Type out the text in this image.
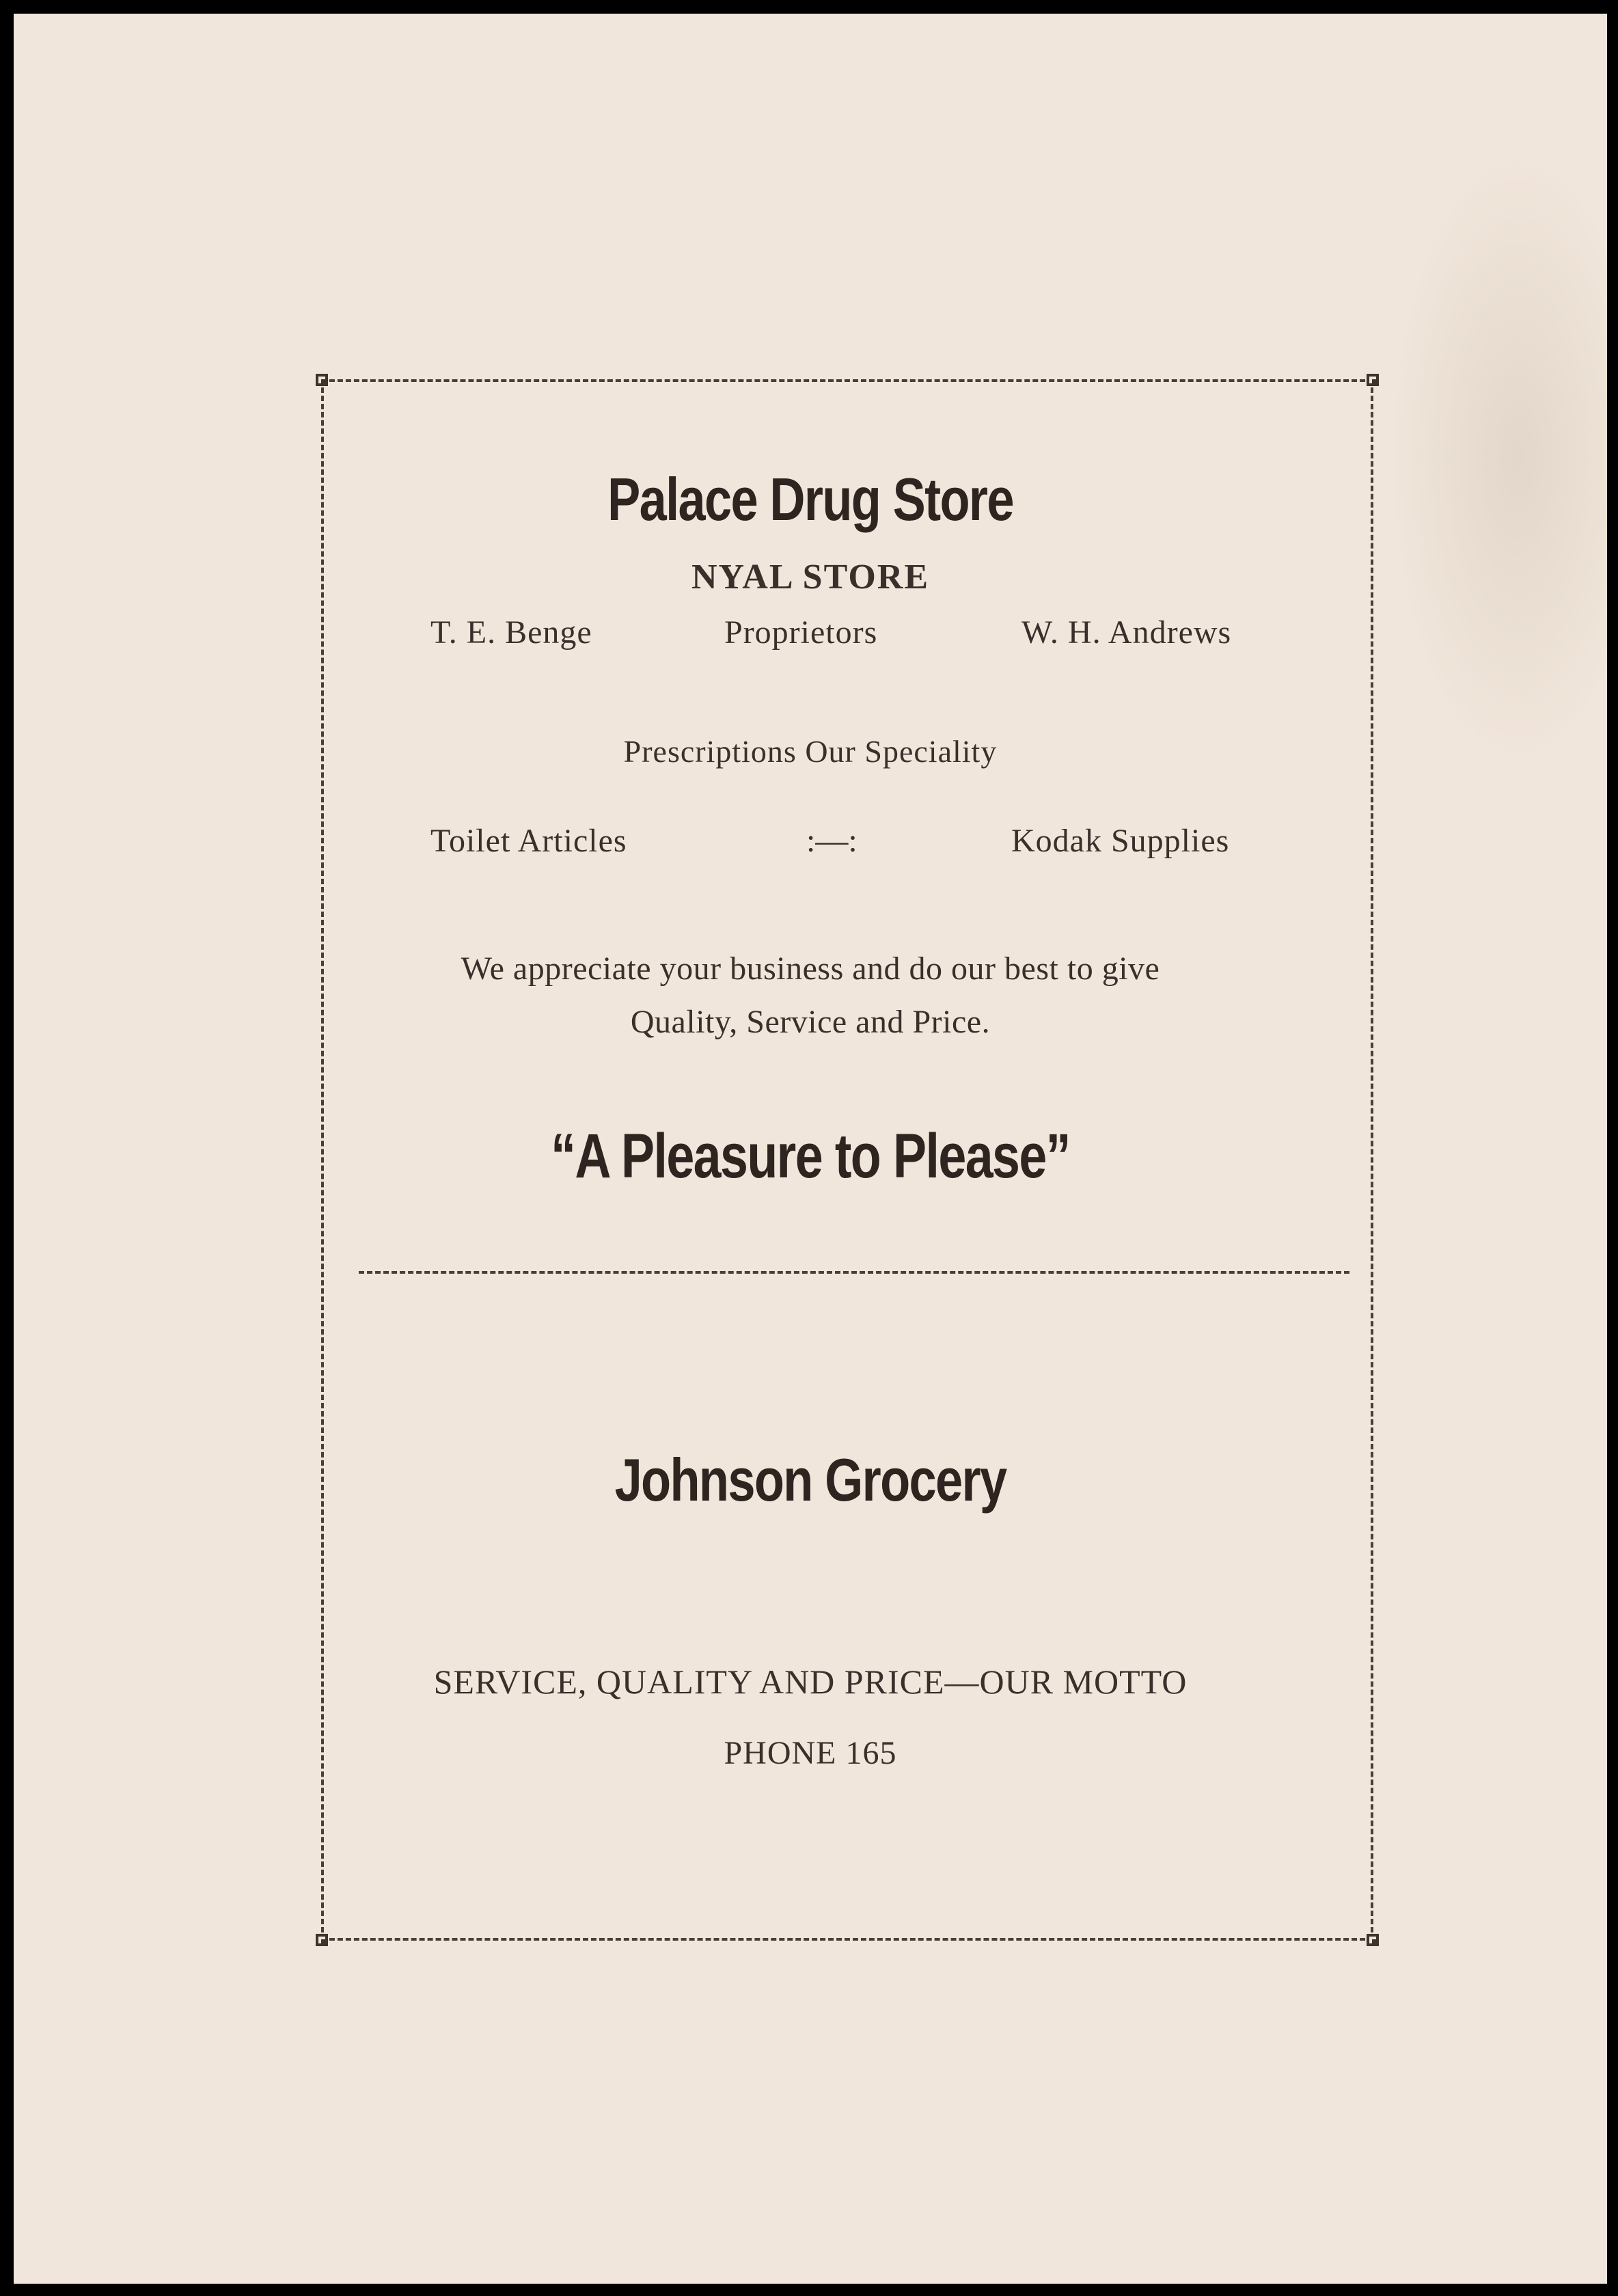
Palace Drug Store
NYAL STORE
T. E. Benge	Proprietors	W. H. Andrews
Prescriptions Our Speciality
Toilet Articles	:—:	Kodak Supplies
We appreciate your business and do our best to give
Quality, Service and Price.
“A Pleasure to Please”
Johnson Grocery
SERVICE, QUALITY AND PRICE—OUR MOTTO
PHONE 165
